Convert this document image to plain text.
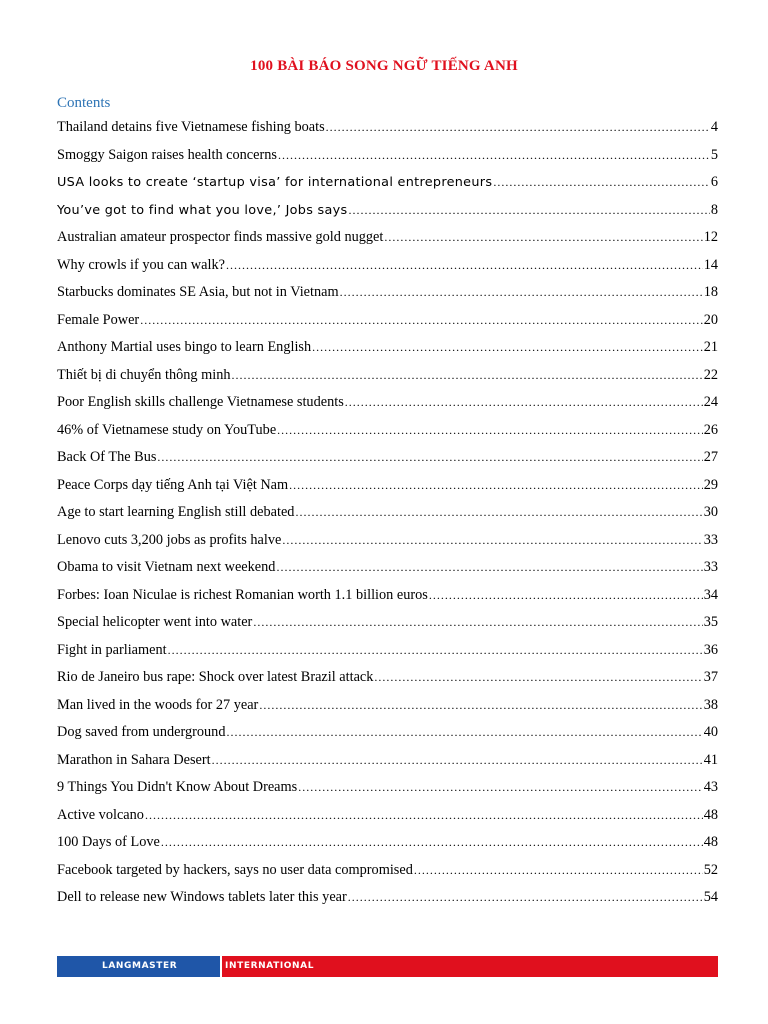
100 BÀI BÁO SONG NGỮ TIẾNG ANH
Contents
Thailand detains five Vietnamese fishing boats .....	4
Smoggy Saigon raises health concerns .....	5
USA looks to create ‘startup visa’ for international entrepreneurs .....	6
You’ve got to find what you love,’ Jobs says .....	8
Australian amateur prospector finds massive gold nugget .....	12
Why crowls if you can walk? .....	14
Starbucks dominates SE Asia, but not in Vietnam .....	18
Female Power .....	20
Anthony Martial uses bingo to learn English .....	21
Thiết bị di chuyển thông minh .....	22
Poor English skills challenge Vietnamese students .....	24
46% of Vietnamese study on YouTube .....	26
Back Of The Bus .....	27
Peace Corps dạy tiếng Anh tại Việt Nam .....	29
Age to start learning English still debated .....	30
Lenovo cuts 3,200 jobs as profits halve .....	33
Obama to visit Vietnam next weekend .....	33
Forbes: Ioan Niculae is richest Romanian worth 1.1 billion euros .....	34
Special helicopter went into water .....	35
Fight in parliament .....	36
Rio de Janeiro bus rape: Shock over latest Brazil attack .....	37
Man lived in the woods for 27 year .....	38
Dog saved from underground .....	40
Marathon in Sahara Desert .....	41
9 Things You Didn't Know About Dreams .....	43
Active volcano .....	48
100 Days of Love .....	48
Facebook targeted by hackers, says no user data compromised .....	52
Dell to release new Windows tablets later this year .....	54
LANGMASTER	INTERNATIONAL
